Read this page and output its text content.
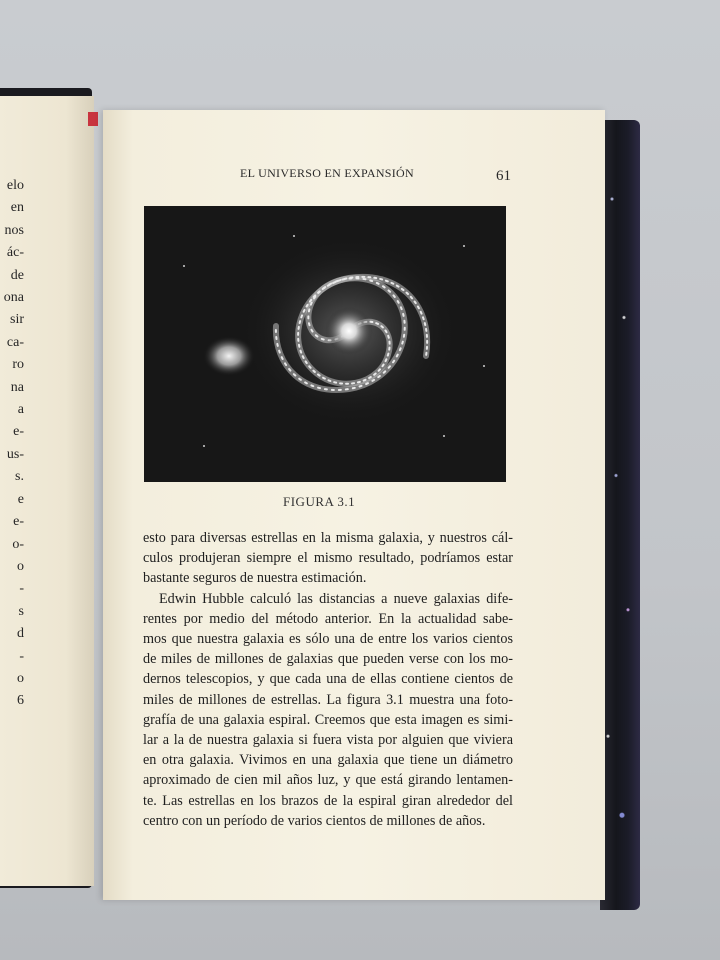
elo
en
nos
ác-
de
ona
sir
ca-
ro
na
a
e-
us-
s.
e
e-
o-
o
-
s
d
-
o
6
EL UNIVERSO EN EXPANSIÓN	61
FIGURA 3.1
esto para diversas estrellas en la misma galaxia, y nuestros cál-
culos produjeran siempre el mismo resultado, podríamos estar
bastante seguros de nuestra estimación.
Edwin Hubble calculó las distancias a nueve galaxias dife-
rentes por medio del método anterior. En la actualidad sabe-
mos que nuestra galaxia es sólo una de entre los varios cientos
de miles de millones de galaxias que pueden verse con los mo-
dernos telescopios, y que cada una de ellas contiene cientos de
miles de millones de estrellas. La figura 3.1 muestra una foto-
grafía de una galaxia espiral. Creemos que esta imagen es simi-
lar a la de nuestra galaxia si fuera vista por alguien que viviera
en otra galaxia. Vivimos en una galaxia que tiene un diámetro
aproximado de cien mil años luz, y que está girando lentamen-
te. Las estrellas en los brazos de la espiral giran alrededor del
centro con un período de varios cientos de millones de años.
